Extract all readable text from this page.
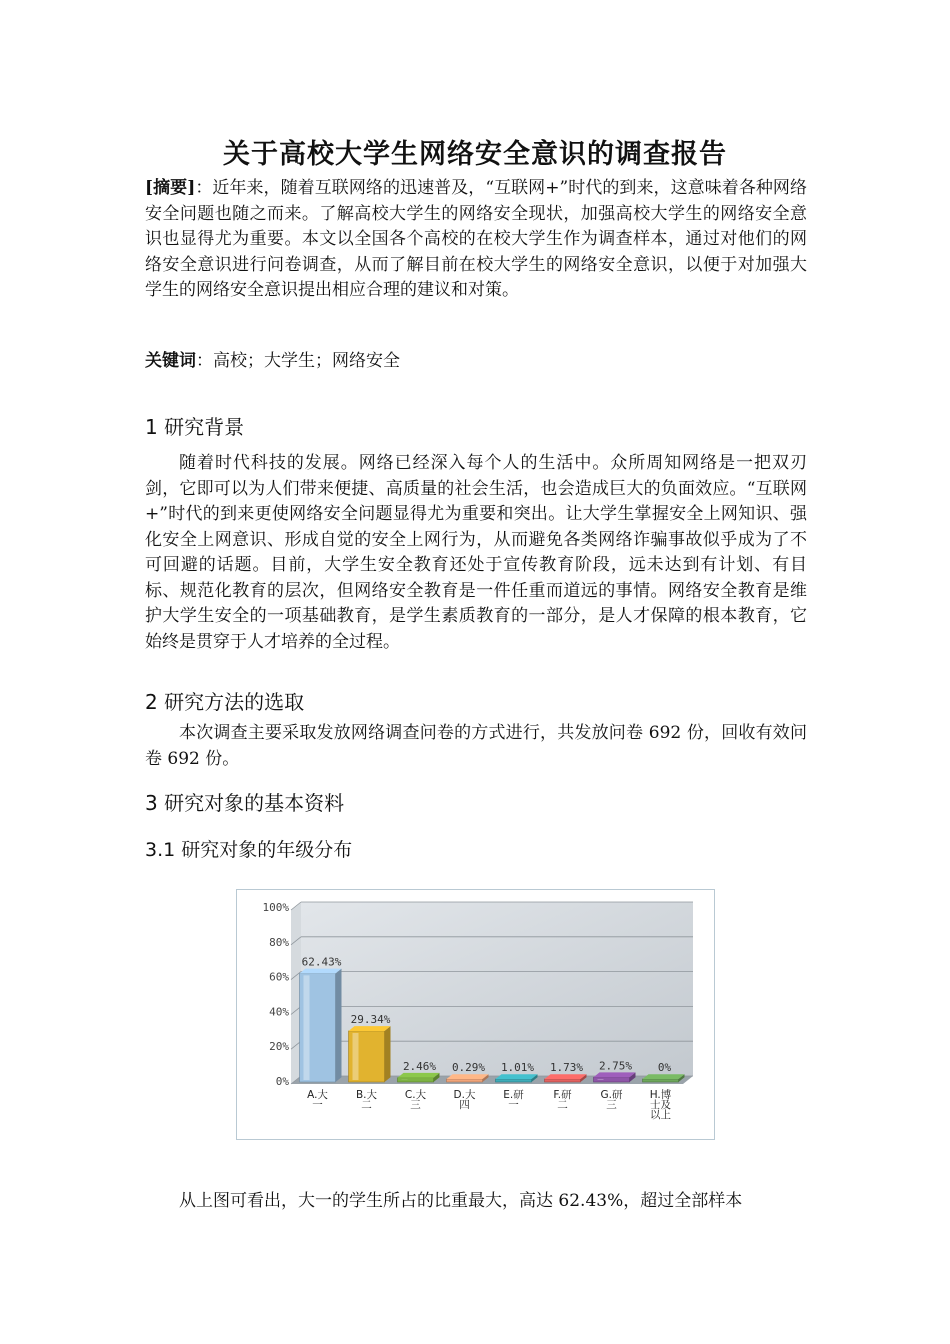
关于高校大学生网络安全意识的调查报告
[摘要]：近年来，随着互联网络的迅速普及，“互联网+”时代的到来，这意味着各种网络安全问题也随之而来。了解高校大学生的网络安全现状，加强高校大学生的网络安全意识也显得尤为重要。本文以全国各个高校的在校大学生作为调查样本，通过对他们的网络安全意识进行问卷调查，从而了解目前在校大学生的网络安全意识，以便于对加强大学生的网络安全意识提出相应合理的建议和对策。
关键词：高校；大学生；网络安全
1 研究背景
随着时代科技的发展。网络已经深入每个人的生活中。众所周知网络是一把双刃剑，它即可以为人们带来便捷、高质量的社会生活，也会造成巨大的负面效应。“互联网+”时代的到来更使网络安全问题显得尤为重要和突出。让大学生掌握安全上网知识、强化安全上网意识、形成自觉的安全上网行为，从而避免各类网络诈骗事故似乎成为了不可回避的话题。目前，大学生安全教育还处于宣传教育阶段，远未达到有计划、有目标、规范化教育的层次，但网络安全教育是一件任重而道远的事情。网络安全教育是维护大学生安全的一项基础教育，是学生素质教育的一部分，是人才保障的根本教育，它始终是贯穿于人才培养的全过程。
2 研究方法的选取
本次调查主要采取发放网络调查问卷的方式进行，共发放问卷 692 份，回收有效问卷 692 份。
3 研究对象的基本资料
3.1 研究对象的年级分布
0%
20%
40%
60%
80%
100%
62.43%
A.大
一
29.34%
B.大
二
2.46%
C.大
三
0.29%
D.大
四
1.01%
E.研
一
1.73%
F.研
二
2.75%
G.研
三
0%
H.博
士及
以上
从上图可看出，大一的学生所占的比重最大，高达 62.43%，超过全部样本
